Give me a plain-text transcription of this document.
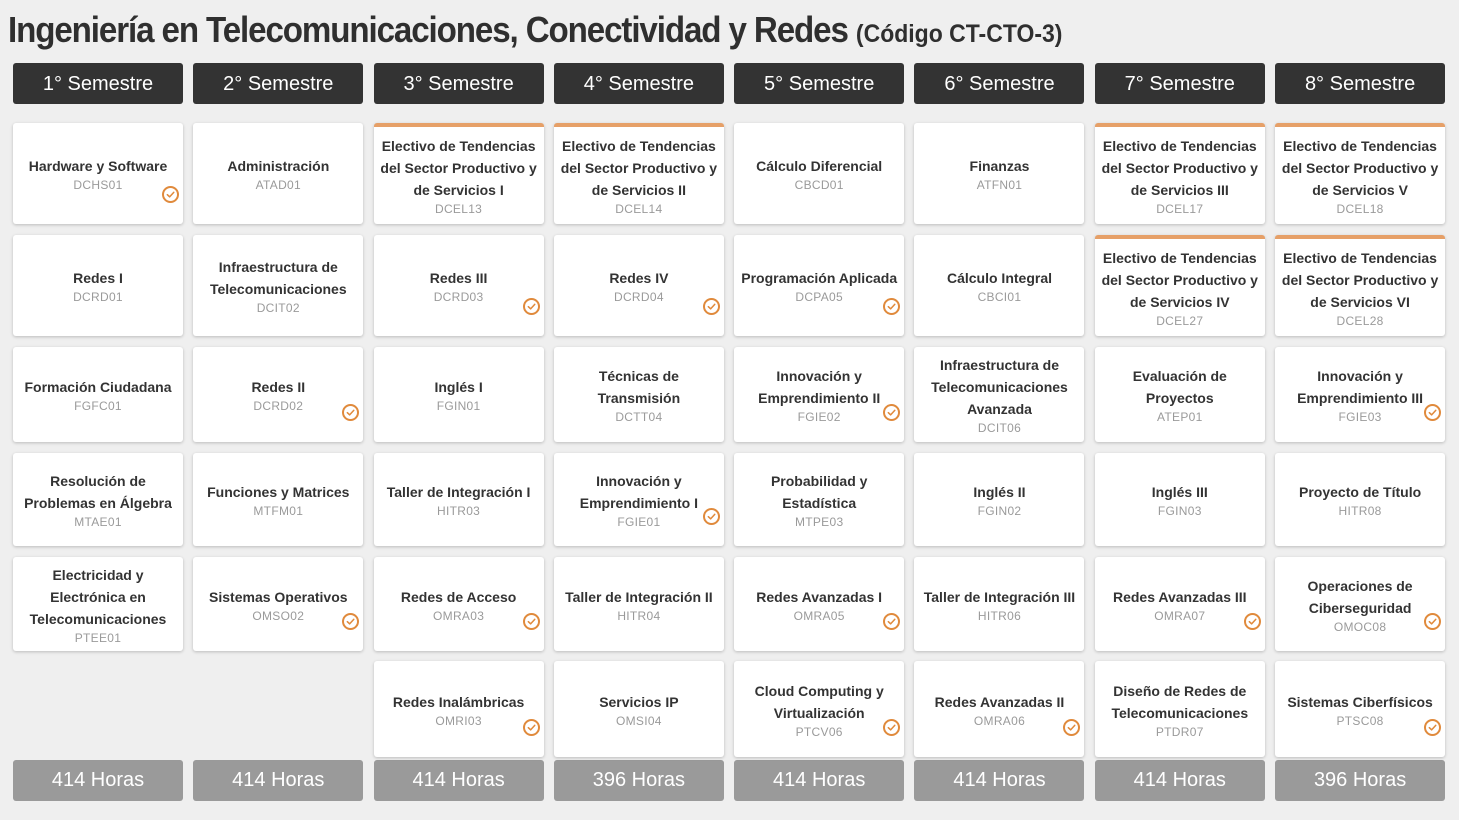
Ingeniería en Telecomunicaciones, Conectividad y Redes (Código CT-CTO-3)
1° Semestre
Hardware y Software
DCHS01
Redes I
DCRD01
Formación Ciudadana
FGFC01
Resolución de Problemas en Álgebra
MTAE01
Electricidad y Electrónica en Telecomunicaciones
PTEE01
414 Horas
2° Semestre
Administración
ATAD01
Infraestructura de Telecomunicaciones
DCIT02
Redes II
DCRD02
Funciones y Matrices
MTFM01
Sistemas Operativos
OMSO02
414 Horas
3° Semestre
Electivo de Tendencias del Sector Productivo y de Servicios I
DCEL13
Redes III
DCRD03
Inglés I
FGIN01
Taller de Integración I
HITR03
Redes de Acceso
OMRA03
Redes Inalámbricas
OMRI03
414 Horas
4° Semestre
Electivo de Tendencias del Sector Productivo y de Servicios II
DCEL14
Redes IV
DCRD04
Técnicas de Transmisión
DCTT04
Innovación y Emprendimiento I
FGIE01
Taller de Integración II
HITR04
Servicios IP
OMSI04
396 Horas
5° Semestre
Cálculo Diferencial
CBCD01
Programación Aplicada
DCPA05
Innovación y Emprendimiento II
FGIE02
Probabilidad y Estadística
MTPE03
Redes Avanzadas I
OMRA05
Cloud Computing y Virtualización
PTCV06
414 Horas
6° Semestre
Finanzas
ATFN01
Cálculo Integral
CBCI01
Infraestructura de Telecomunicaciones Avanzada
DCIT06
Inglés II
FGIN02
Taller de Integración III
HITR06
Redes Avanzadas II
OMRA06
414 Horas
7° Semestre
Electivo de Tendencias del Sector Productivo y de Servicios III
DCEL17
Electivo de Tendencias del Sector Productivo y de Servicios IV
DCEL27
Evaluación de Proyectos
ATEP01
Inglés III
FGIN03
Redes Avanzadas III
OMRA07
Diseño de Redes de Telecomunicaciones
PTDR07
414 Horas
8° Semestre
Electivo de Tendencias del Sector Productivo y de Servicios V
DCEL18
Electivo de Tendencias del Sector Productivo y de Servicios VI
DCEL28
Innovación y Emprendimiento III
FGIE03
Proyecto de Título
HITR08
Operaciones de Ciberseguridad
OMOC08
Sistemas Ciberfísicos
PTSC08
396 Horas
